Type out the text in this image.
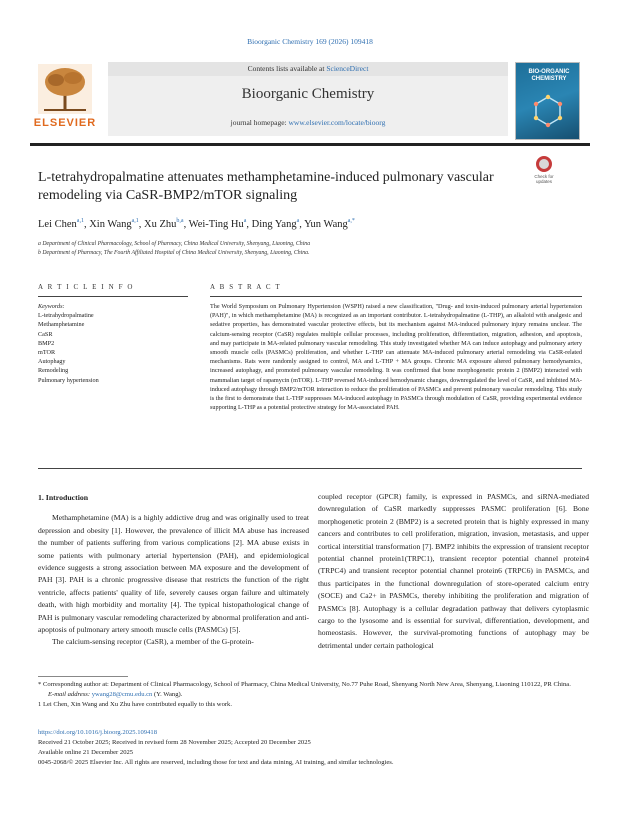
Bioorganic Chemistry 169 (2026) 109418
ELSEVIER
Contents lists available at ScienceDirect
Bioorganic Chemistry
journal homepage: www.elsevier.com/locate/bioorg
BIO-ORGANIC CHEMISTRY
L-tetrahydropalmatine attenuates methamphetamine-induced pulmonary vascular remodeling via CaSR-BMP2/mTOR signaling
Check for updates
Lei Chen$^{a,1}$, Xin Wang$^{a,1}$, Xu Zhu$^{b,a}$, Wei-Ting Hu$^a$, Ding Yang$^a$, Yun Wang$^{a,*}$
a Department of Clinical Pharmacology, School of Pharmacy, China Medical University, Shenyang, Liaoning, China
b Department of Pharmacy, The Fourth Affiliated Hospital of China Medical University, Shenyang, Liaoning, China.
A R T I C L E I N F O	A B S T R A C T
Keywords:
L-tetrahydropalmatine
Methamphetamine
CaSR
BMP2
mTOR
Autophagy
Remodeling
Pulmonary hypertension
The World Symposium on Pulmonary Hypertension (WSPH) raised a new classification, "Drug- and toxin-induced pulmonary arterial hypertension (PAH)", in which methamphetamine (MA) is recognized as an important contributor. L-tetrahydropalmatine (L-THP), an alkaloid with analgesic and sedative properties, has demonstrated vascular protective effects, but its mechanism against MA-induced pulmonary injury remains unclear. The calcium-sensing receptor (CaSR) regulates multiple cellular processes, including proliferation, differentiation, migration, adhesion, and apoptosis, and may participate in MA-related pulmonary vascular remodeling. This study investigated whether MA can induce autophagy and pulmonary artery smooth muscle cells (PASMCs) proliferation, and whether L-THP can attenuate MA-induced pulmonary arterial remodeling via CaSR-related mechanisms. Rats were randomly assigned to control, MA and L-THP + MA groups. Chronic MA exposure altered pulmonary hemodynamics, increased autophagy, and promoted pulmonary vascular remodeling. It was confirmed that bone morphogenetic protein 2 (BMP2) interacted with mammalian target of rapamycin (mTOR). L-THP reversed MA-induced hemodynamic changes, downregulated the level of CaSR, and inhibited MA-induced autophagy through BMP2/mTOR interaction to reduce the proliferation of PASMCs and prevent pulmonary vascular remodeling. This study is the first to demonstrate that L-THP suppresses MA-induced autophagy in PASMCs through modulation of CaSR, providing experimental evidence supporting L-THP as a potential protective strategy for MA-associated PAH.

1. Introduction

Methamphetamine (MA) is a highly addictive drug and was originally used to treat depression and obesity [1]. However, the prevalence of illicit MA abuse has increased the number of patients suffering from various complications [2]. MA abuse exists in some patients with pulmonary arterial hypertension (PAH), and epidemiological evidence suggests a strong association between MA exposure and the development of PAH [3]. PAH is a chronic progressive disease that restricts the function of the right ventricle, affects patients' quality of life, severely causes organ failure and ultimately death, with high morbidity and mortality [4]. The typical histopathological change of PAH is pulmonary vascular remodeling characterized by abnormal proliferation and anti-apoptosis of pulmonary artery smooth muscle cells (PASMCs) [5].

The calcium-sensing receptor (CaSR), a member of the G-protein-

coupled receptor (GPCR) family, is expressed in PASMCs, and siRNA-mediated downregulation of CaSR markedly suppresses PASMC proliferation [6]. Bone morphogenetic protein 2 (BMP2) is a secreted protein that is highly expressed in many cancers and contributes to cell proliferation, migration, invasion, metastasis, and upper cortical interstitial transformation [7]. BMP2 inhibits the expression of transient receptor potential channel protein1(TRPC1), transient receptor potential channel protein4 (TRPC4) and transient receptor potential channel protein6 (TRPC6) in PASMCs, and thus participates in the functional downregulation of store-operated calcium entry (SOCE) and Ca2+ in PASMCs, thereby inhibiting the proliferation and migration of PASMCs [8]. Autophagy is a cellular degradation pathway that delivers cytoplasmic cargo to the lysosome and is essential for survival, differentiation, development, and homeostasis. However, the survival-promoting functions of autophagy may be detrimental under certain pathological

* Corresponding author at: Department of Clinical Pharmacology, School of Pharmacy, China Medical University, No.77 Puhe Road, Shenyang North New Area, Shenyang, Liaoning 110122, PR China.
E-mail address: ywang28@cmu.edu.cn (Y. Wang).
1 Lei Chen, Xin Wang and Xu Zhu have contributed equally to this work.
https://doi.org/10.1016/j.bioorg.2025.109418
Received 21 October 2025; Received in revised form 28 November 2025; Accepted 20 December 2025
Available online 21 December 2025
0045-2068/© 2025 Elsevier Inc. All rights are reserved, including those for text and data mining, AI training, and similar technologies.
